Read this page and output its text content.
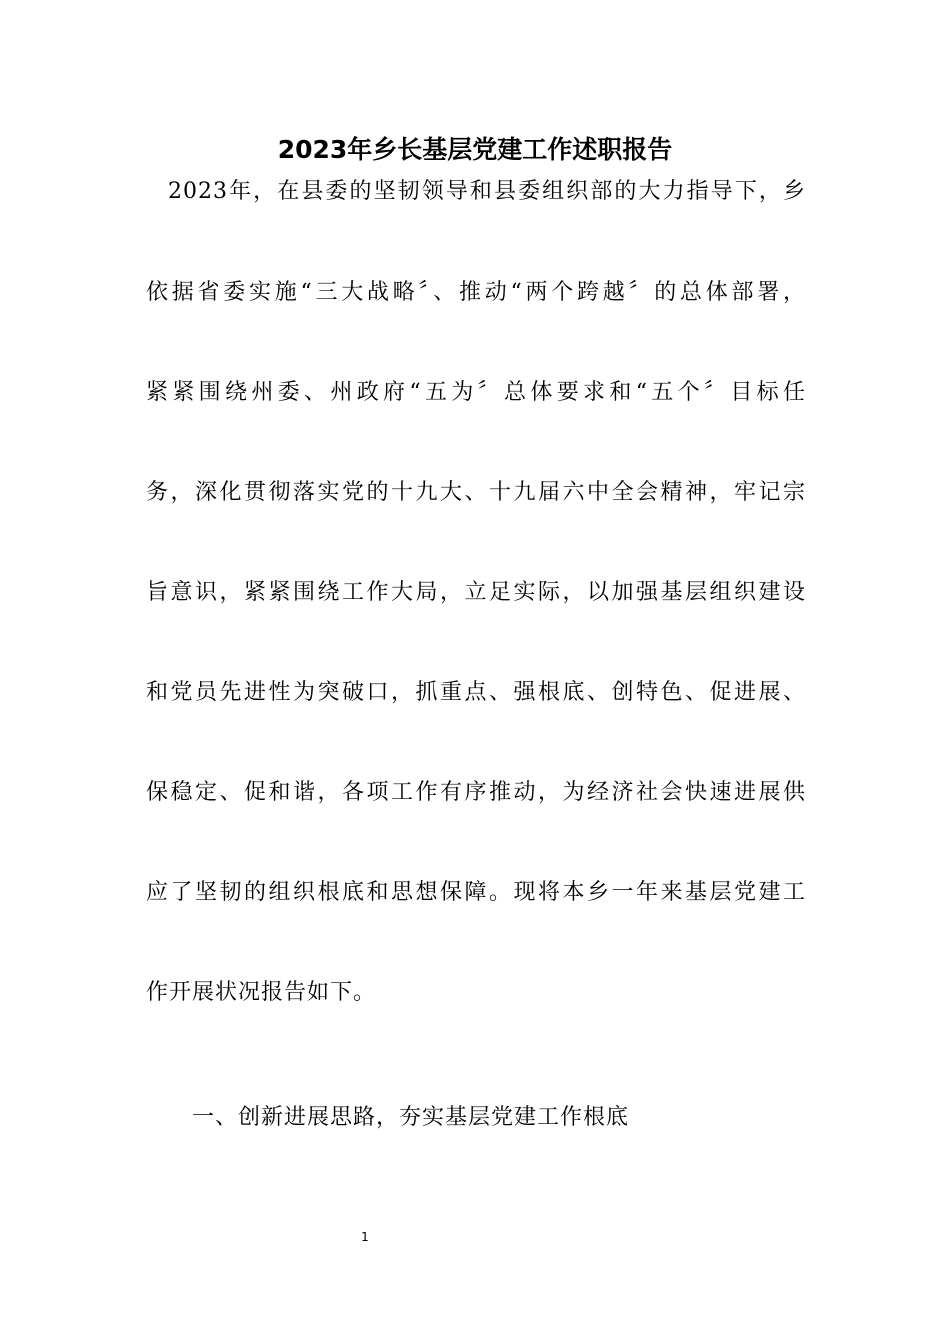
2023年乡长基层党建工作述职报告
2023年，在县委的坚韧领导和县委组织部的大力指导下，乡
依据省委实施“三大战略〞、推动“两个跨越〞的总体部署，
紧紧围绕州委、州政府“五为〞总体要求和“五个〞目标任
务，深化贯彻落实党的十九大、十九届六中全会精神，牢记宗
旨意识，紧紧围绕工作大局，立足实际，以加强基层组织建设
和党员先进性为突破口，抓重点、强根底、创特色、促进展、
保稳定、促和谐，各项工作有序推动，为经济社会快速进展供
应了坚韧的组织根底和思想保障。现将本乡一年来基层党建工
作开展状况报告如下。
一、创新进展思路，夯实基层党建工作根底
1
